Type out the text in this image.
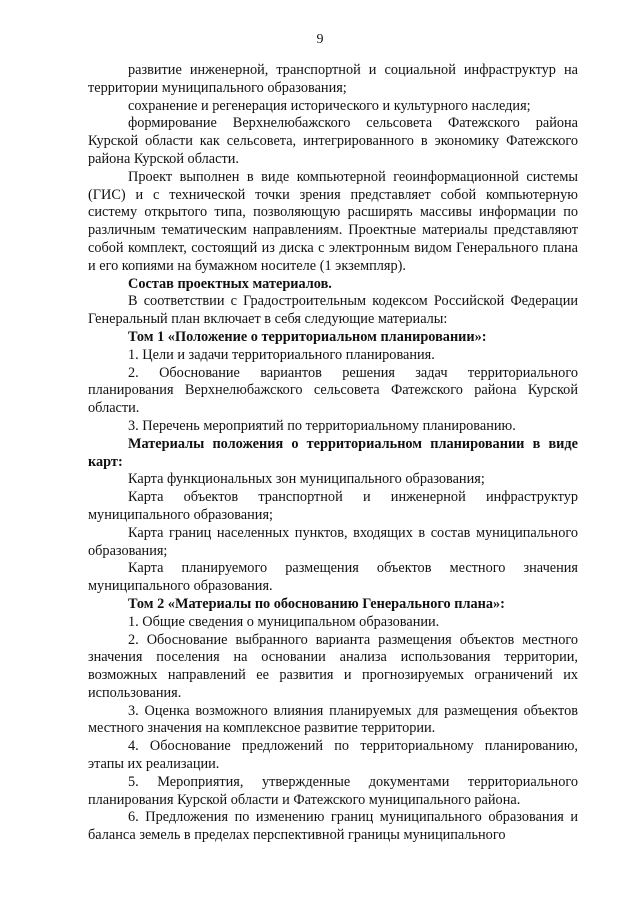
9

развитие инженерной, транспортной и социальной инфраструктур на территории муниципального образования;

сохранение и регенерация исторического и культурного наследия;

формирование Верхнелюбажского сельсовета Фатежского района Курской области как сельсовета, интегрированного в экономику Фатежского района Курской области.

Проект выполнен в виде компьютерной геоинформационной системы (ГИС) и с технической точки зрения представляет собой компьютерную систему открытого типа, позволяющую расширять массивы информации по различным тематическим направлениям. Проектные материалы представляют собой комплект, состоящий из диска с электронным видом Генерального плана и его копиями на бумажном носителе (1 экземпляр).

Состав проектных материалов.

В соответствии с Градостроительным кодексом Российской Федерации Генеральный план включает в себя следующие материалы:

Том 1 «Положение о территориальном планировании»:

1. Цели и задачи территориального планирования.

2. Обоснование вариантов решения задач территориального планирования Верхнелюбажского сельсовета Фатежского района Курской области.

3. Перечень мероприятий по территориальному планированию.

Материалы положения о территориальном планировании в виде карт:

Карта функциональных зон муниципального образования;

Карта объектов транспортной и инженерной инфраструктур муниципального образования;

Карта границ населенных пунктов, входящих в состав муниципального образования;

Карта планируемого размещения объектов местного значения муниципального образования.

Том 2 «Материалы по обоснованию Генерального плана»:

1. Общие сведения о муниципальном образовании.

2. Обоснование выбранного варианта размещения объектов местного значения поселения на основании анализа использования территории, возможных направлений ее развития и прогнозируемых ограничений их использования.

3. Оценка возможного влияния планируемых для размещения объектов местного значения на комплексное развитие территории.

4. Обоснование предложений по территориальному планированию, этапы их реализации.

5. Мероприятия, утвержденные документами территориального планирования Курской области и Фатежского муниципального района.

6. Предложения по изменению границ муниципального образования и баланса земель в пределах перспективной границы муниципального
